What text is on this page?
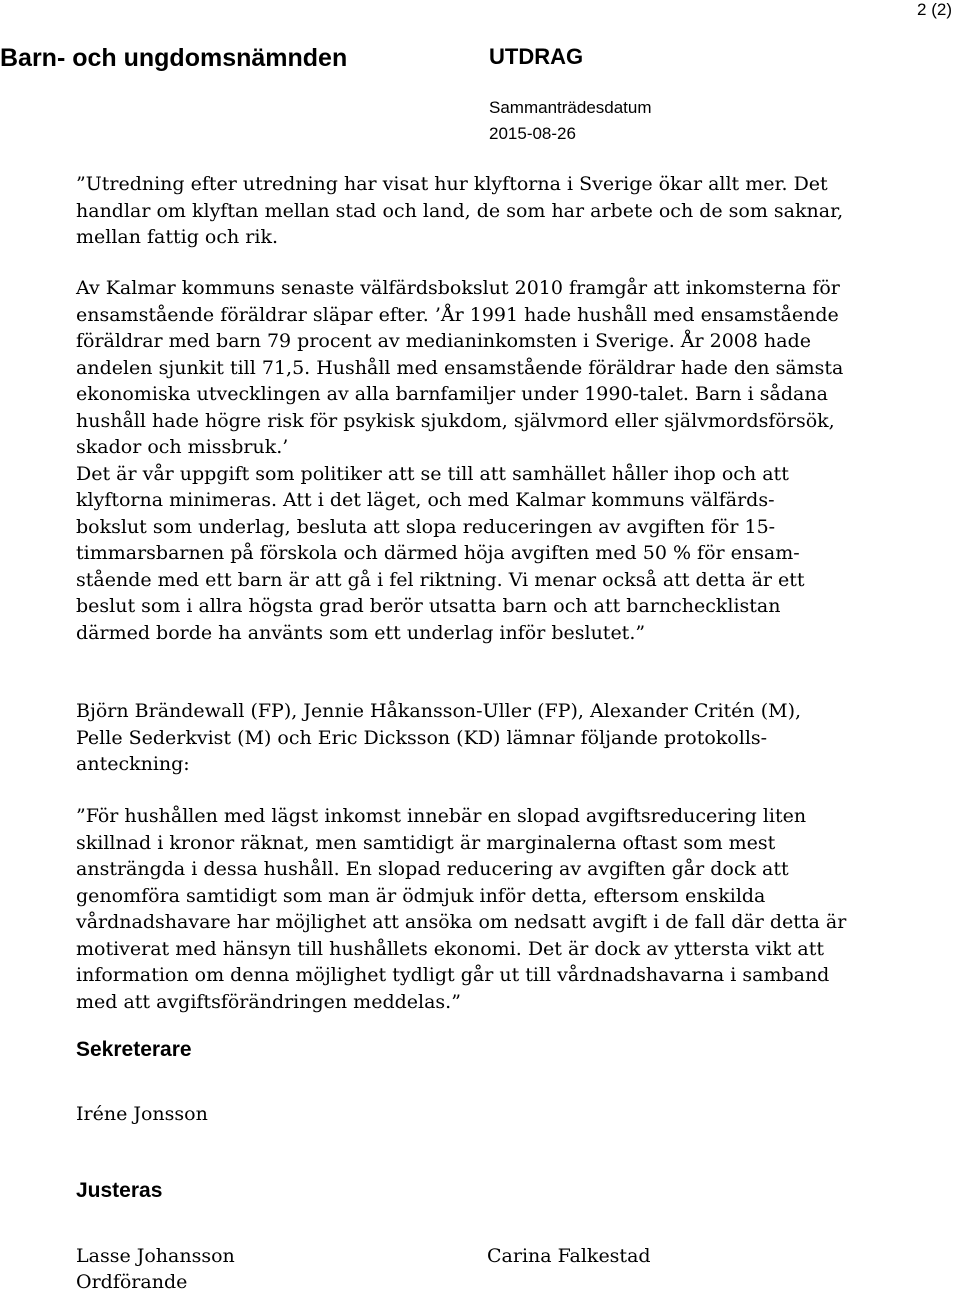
2 (2)
Barn- och ungdomsnämnden	UTDRAG
Sammanträdesdatum
2015-08-26

”Utredning efter utredning har visat hur klyftorna i Sverige ökar allt mer. Det
handlar om klyftan mellan stad och land, de som har arbete och de som saknar,
mellan fattig och rik.

Av Kalmar kommuns senaste välfärdsbokslut 2010 framgår att inkomsterna för
ensamstående föräldrar släpar efter. ’År 1991 hade hushåll med ensamstående
föräldrar med barn 79 procent av medianinkomsten i Sverige. År 2008 hade
andelen sjunkit till 71,5. Hushåll med ensamstående föräldrar hade den sämsta
ekonomiska utvecklingen av alla barnfamiljer under 1990-talet. Barn i sådana
hushåll hade högre risk för psykisk sjukdom, självmord eller självmordsförsök,
skador och missbruk.’
Det är vår uppgift som politiker att se till att samhället håller ihop och att
klyftorna minimeras. Att i det läget, och med Kalmar kommuns välfärds-
bokslut som underlag, besluta att slopa reduceringen av avgiften för 15-
timmarsbarnen på förskola och därmed höja avgiften med 50 % för ensam-
stående med ett barn är att gå i fel riktning. Vi menar också att detta är ett
beslut som i allra högsta grad berör utsatta barn och att barnchecklistan
därmed borde ha använts som ett underlag inför beslutet.”

Björn Brändewall (FP), Jennie Håkansson-Uller (FP), Alexander Critén (M),
Pelle Sederkvist (M) och Eric Dicksson (KD) lämnar följande protokolls-
anteckning:

”För hushållen med lägst inkomst innebär en slopad avgiftsreducering liten
skillnad i kronor räknat, men samtidigt är marginalerna oftast som mest
ansträngda i dessa hushåll. En slopad reducering av avgiften går dock att
genomföra samtidigt som man är ödmjuk inför detta, eftersom enskilda
vårdnadshavare har möjlighet att ansöka om nedsatt avgift i de fall där detta är
motiverat med hänsyn till hushållets ekonomi. Det är dock av yttersta vikt att
information om denna möjlighet tydligt går ut till vårdnadshavarna i samband
med att avgiftsförändringen meddelas.”

Sekreterare
Iréne Jonsson
Justeras
Lasse Johansson
Ordförande
Carina Falkestad
